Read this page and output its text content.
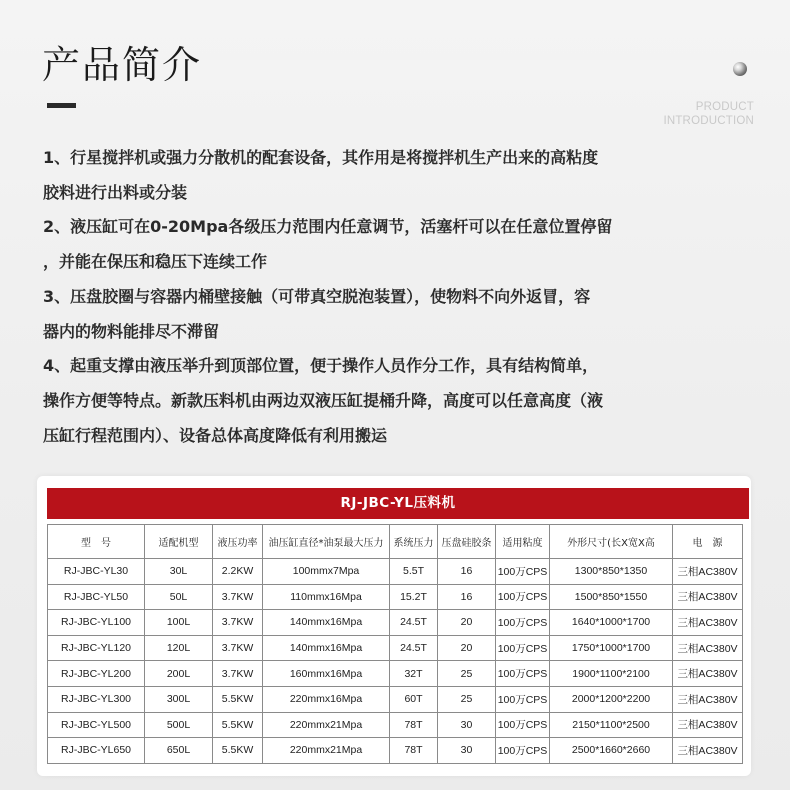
产品简介
PRODUCT
INTRODUCTION

1、行星搅拌机或强力分散机的配套设备，其作用是将搅拌机生产出来的高粘度

胶料进行出料或分装

2、液压缸可在0-20Mpa各级压力范围内任意调节，活塞杆可以在任意位置停留

，并能在保压和稳压下连续工作

3、压盘胶圈与容器内桶壁接触（可带真空脱泡装置），使物料不向外返冒，容

器内的物料能排尽不滞留

4、起重支撑由液压举升到顶部位置，便于操作人员作分工作，具有结构简单，

操作方便等特点。新款压料机由两边双液压缸提桶升降，高度可以任意高度（液

压缸行程范围内）、设备总体高度降低有利用搬运

RJ-JBC-YL压料机
型　号	适配机型	液压功率	油压缸直径*油泵最大压力	系统压力	压盘硅胶条	适用粘度	外形尺寸(长X宽X高	电　源
RJ-JBC-YL30	30L	2.2KW	100mmx7Mpa	5.5T	16	100万CPS	1300*850*1350	三相AC380V
RJ-JBC-YL50	50L	3.7KW	110mmx16Mpa	15.2T	16	100万CPS	1500*850*1550	三相AC380V
RJ-JBC-YL100	100L	3.7KW	140mmx16Mpa	24.5T	20	100万CPS	1640*1000*1700	三相AC380V
RJ-JBC-YL120	120L	3.7KW	140mmx16Mpa	24.5T	20	100万CPS	1750*1000*1700	三相AC380V
RJ-JBC-YL200	200L	3.7KW	160mmx16Mpa	32T	25	100万CPS	1900*1100*2100	三相AC380V
RJ-JBC-YL300	300L	5.5KW	220mmx16Mpa	60T	25	100万CPS	2000*1200*2200	三相AC380V
RJ-JBC-YL500	500L	5.5KW	220mmx21Mpa	78T	30	100万CPS	2150*1100*2500	三相AC380V
RJ-JBC-YL650	650L	5.5KW	220mmx21Mpa	78T	30	100万CPS	2500*1660*2660	三相AC380V
